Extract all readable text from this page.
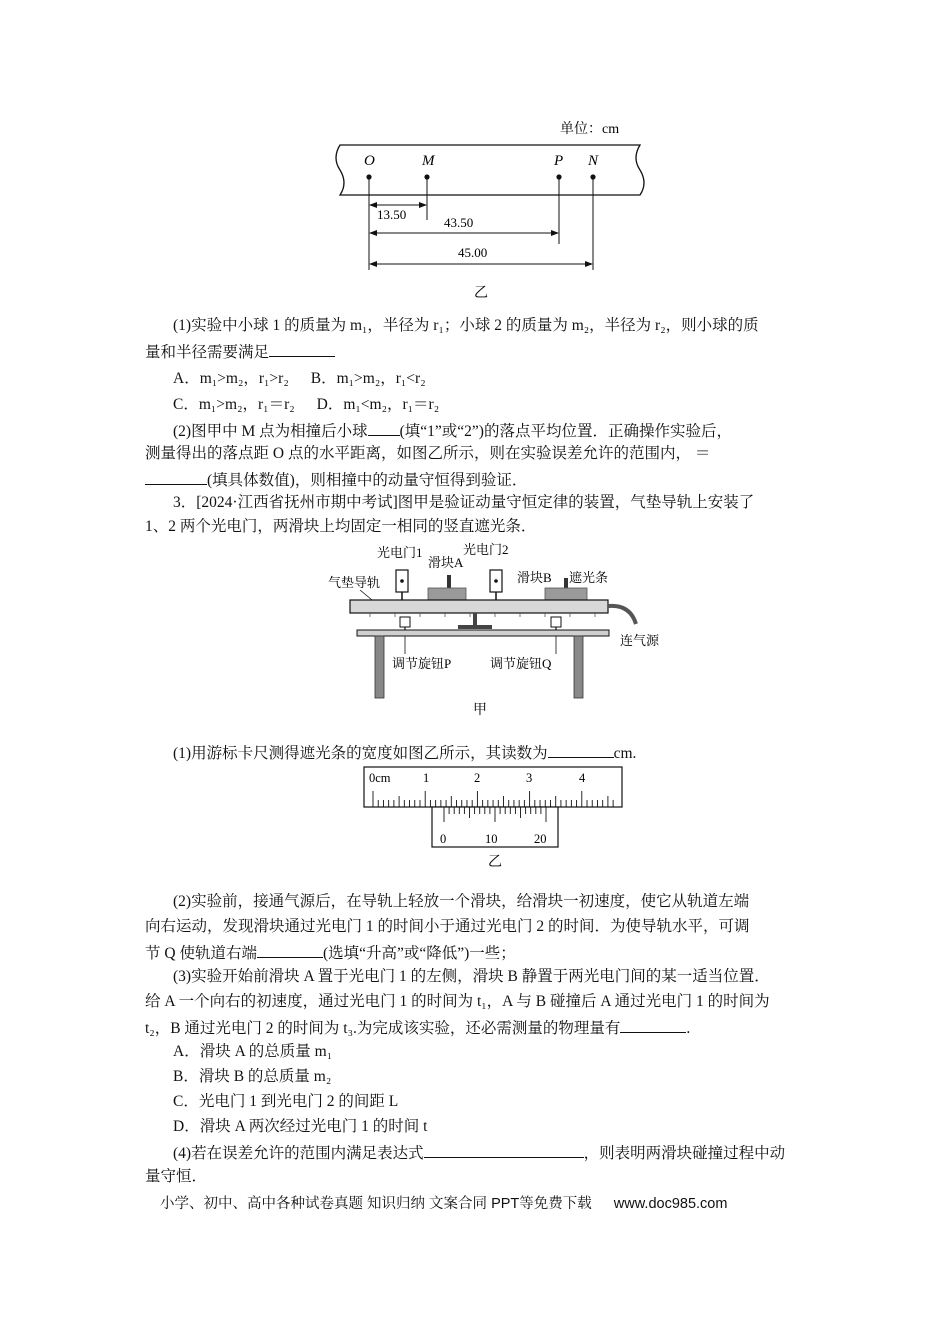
单位：cm
O	M	P N
13.50
43.50
45.00
乙
(1)实验中小球 1 的质量为 m₁，半径为 r₁；小球 2 的质量为 m₂，半径为 r₂，则小球的质
量和半径需要满足
A．m₁>m₂，r₁>r₂ B．m₁>m₂，r₁<r₂
C．m₁>m₂，r₁＝r₂ D．m₁<m₂，r₁＝r₂
(2)图甲中 M 点为相撞后小球 (填“1”或“2”)的落点平均位置．正确操作实验后，
测量得出的落点距 O 点的水平距离，如图乙所示，则在实验误差允许的范围内， ＝
(填具体数值)，则相撞中的动量守恒得到验证．
3．[2024·江西省抚州市期中考试]图甲是验证动量守恒定律的装置，气垫导轨上安装了
1、2 两个光电门，两滑块上均固定一相同的竖直遮光条．
光电门1	光电门2
滑块A
滑块B 遮光条
气垫导轨
连气源
调节旋钮P	调节旋钮Q
甲
(1)用游标卡尺测得遮光条的宽度如图乙所示，其读数为	cm.
0cm	1	2	3	4
0	10	20
乙
(2)实验前，接通气源后，在导轨上轻放一个滑块，给滑块一初速度，使它从轨道左端
向右运动，发现滑块通过光电门 1 的时间小于通过光电门 2 的时间．为使导轨水平，可调
节 Q 使轨道右端	(选填“升高”或“降低”)一些；
(3)实验开始前滑块 A 置于光电门 1 的左侧，滑块 B 静置于两光电门间的某一适当位置．
给 A 一个向右的初速度，通过光电门 1 的时间为 t₁，A 与 B 碰撞后 A 通过光电门 1 的时间为
t₂，B 通过光电门 2 的时间为 t₃.为完成该实验，还必需测量的物理量有	.
A．滑块 A 的总质量 m₁
B．滑块 B 的总质量 m₂
C．光电门 1 到光电门 2 的间距 L
D．滑块 A 两次经过光电门 1 的时间 t
(4)若在误差允许的范围内满足表达式	，则表明两滑块碰撞过程中动
量守恒．
小学、初中、高中各种试卷真题 知识归纳 文案合同 PPT等免费下载 www.doc985.com
